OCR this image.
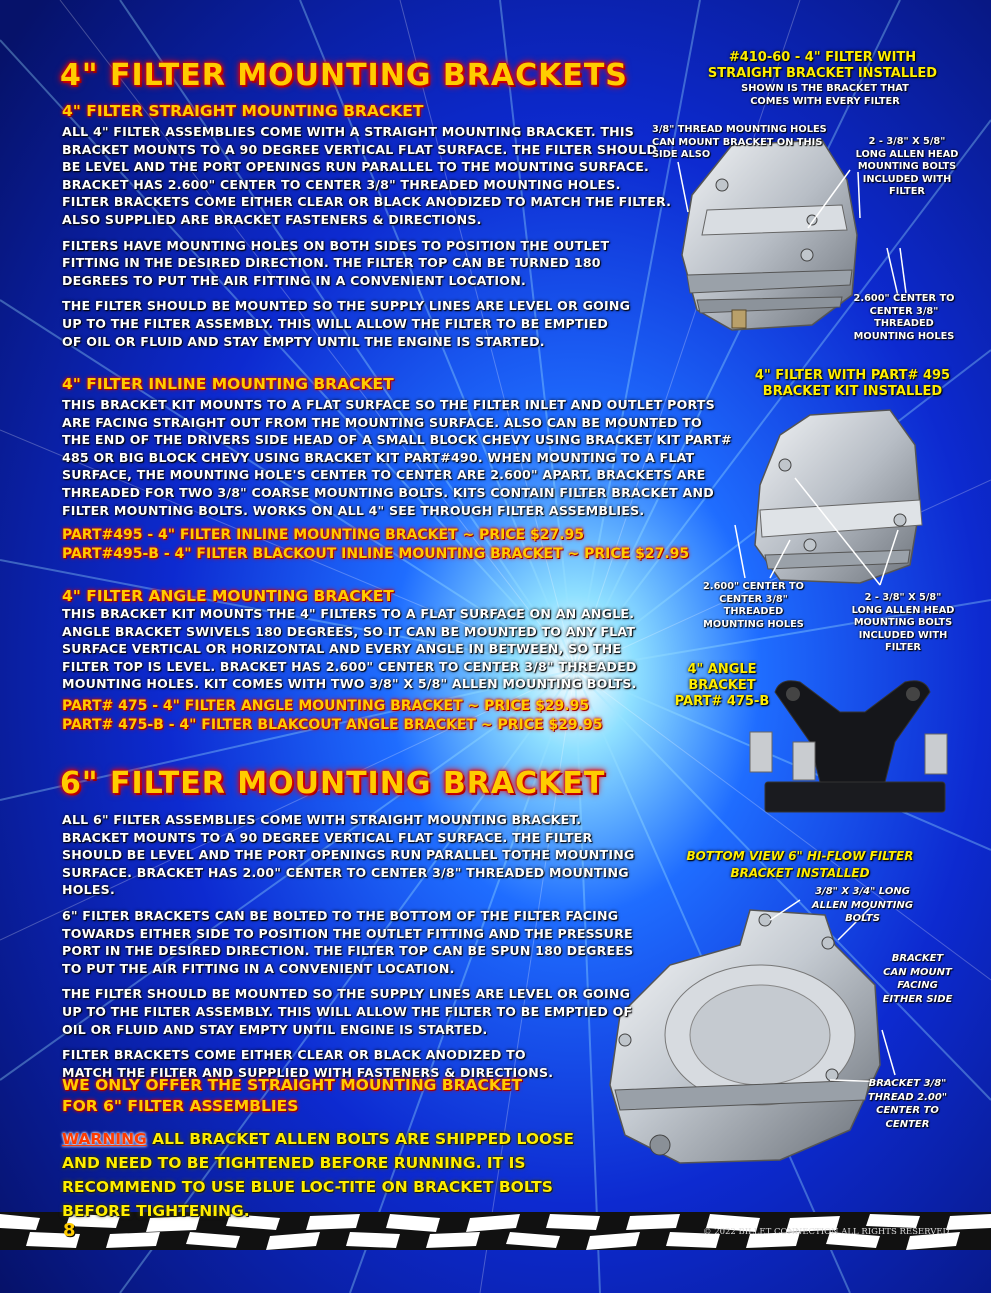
4" FILTER MOUNTING BRACKETS
4" FILTER STRAIGHT MOUNTING BRACKET

ALL 4" FILTER ASSEMBLIES COME WITH A STRAIGHT MOUNTING BRACKET. THIS BRACKET MOUNTS TO A 90 DEGREE VERTICAL FLAT SURFACE. THE FILTER SHOULD BE LEVEL AND THE PORT OPENINGS RUN PARALLEL TO THE MOUNTING SURFACE. BRACKET HAS 2.600" CENTER TO CENTER 3/8" THREADED MOUNTING HOLES. FILTER BRACKETS COME EITHER CLEAR OR BLACK ANODIZED TO MATCH THE FILTER. ALSO SUPPLIED ARE BRACKET FASTENERS & DIRECTIONS.

FILTERS HAVE MOUNTING HOLES ON BOTH SIDES TO POSITION THE OUTLET FITTING IN THE DESIRED DIRECTION. THE FILTER TOP CAN BE TURNED 180 DEGREES TO PUT THE AIR FITTING IN A CONVENIENT LOCATION.

THE FILTER SHOULD BE MOUNTED SO THE SUPPLY LINES ARE LEVEL OR GOING UP TO THE FILTER ASSEMBLY. THIS WILL ALLOW THE FILTER TO BE EMPTIED OF OIL OR FLUID AND STAY EMPTY UNTIL THE ENGINE IS STARTED.

4" FILTER INLINE MOUNTING BRACKET

THIS BRACKET KIT MOUNTS TO A FLAT SURFACE SO THE FILTER INLET AND OUTLET PORTS ARE FACING STRAIGHT OUT FROM THE MOUNTING SURFACE. ALSO CAN BE MOUNTED TO THE END OF THE DRIVERS SIDE HEAD OF A SMALL BLOCK CHEVY USING BRACKET KIT PART# 485 OR BIG BLOCK CHEVY USING BRACKET KIT PART#490. WHEN MOUNTING TO A FLAT SURFACE, THE MOUNTING HOLE'S CENTER TO CENTER ARE 2.600" APART. BRACKETS ARE THREADED FOR TWO 3/8" COARSE MOUNTING BOLTS. KITS CONTAIN FILTER BRACKET AND FILTER MOUNTING BOLTS. WORKS ON ALL 4" SEE THROUGH FILTER ASSEMBLIES.

PART#495 - 4" FILTER INLINE MOUNTING BRACKET ~ PRICE $27.95
PART#495-B - 4" FILTER BLACKOUT INLINE MOUNTING BRACKET ~ PRICE $27.95
4" FILTER ANGLE MOUNTING BRACKET

THIS BRACKET KIT MOUNTS THE 4" FILTERS TO A FLAT SURFACE ON AN ANGLE. ANGLE BRACKET SWIVELS 180 DEGREES, SO IT CAN BE MOUNTED TO ANY FLAT SURFACE VERTICAL OR HORIZONTAL AND EVERY ANGLE IN BETWEEN, SO THE FILTER TOP IS LEVEL. BRACKET HAS 2.600" CENTER TO CENTER 3/8" THREADED MOUNTING HOLES. KIT COMES WITH TWO 3/8" X 5/8" ALLEN MOUNTING BOLTS.

PART# 475 - 4" FILTER ANGLE MOUNTING BRACKET ~ PRICE $29.95
PART# 475-B - 4" FILTER BLAKCOUT ANGLE BRACKET ~ PRICE $29.95
6" FILTER MOUNTING BRACKET

ALL 6" FILTER ASSEMBLIES COME WITH STRAIGHT MOUNTING BRACKET. BRACKET MOUNTS TO A 90 DEGREE VERTICAL FLAT SURFACE. THE FILTER SHOULD BE LEVEL AND THE PORT OPENINGS RUN PARALLEL TOTHE MOUNTING SURFACE. BRACKET HAS 2.00" CENTER TO CENTER 3/8" THREADED MOUNTING HOLES.

6" FILTER BRACKETS CAN BE BOLTED TO THE BOTTOM OF THE FILTER FACING TOWARDS EITHER SIDE TO POSITION THE OUTLET FITTING AND THE PRESSURE PORT IN THE DESIRED DIRECTION. THE FILTER TOP CAN BE SPUN 180 DEGREES TO PUT THE AIR FITTING IN A CONVENIENT LOCATION.

THE FILTER SHOULD BE MOUNTED SO THE SUPPLY LINES ARE LEVEL OR GOING UP TO THE FILTER ASSEMBLY. THIS WILL ALLOW THE FILTER TO BE EMPTIED OF OIL OR FLUID AND STAY EMPTY UNTIL ENGINE IS STARTED.

FILTER BRACKETS COME EITHER CLEAR OR BLACK ANODIZED TO MATCH THE FILTER AND SUPPLIED WITH FASTENERS & DIRECTIONS.

WE ONLY OFFER THE STRAIGHT MOUNTING BRACKET FOR 6" FILTER ASSEMBLIES
WARNING ALL BRACKET ALLEN BOLTS ARE SHIPPED LOOSE AND NEED TO BE TIGHTENED BEFORE RUNNING. IT IS RECOMMEND TO USE BLUE LOC-TITE ON BRACKET BOLTS BEFORE TIGHTENING.
#410-60 - 4" FILTER WITH
STRAIGHT BRACKET INSTALLED
SHOWN IS THE BRACKET THAT COMES WITH EVERY FILTER
3/8" THREAD MOUNTING HOLES CAN MOUNT BRACKET ON THIS SIDE ALSO
2 - 3/8" X 5/8" LONG ALLEN HEAD MOUNTING BOLTS INCLUDED WITH FILTER
2.600" CENTER TO CENTER 3/8" THREADED MOUNTING HOLES
4" FILTER WITH PART# 495 BRACKET KIT INSTALLED
2.600" CENTER TO CENTER 3/8" THREADED MOUNTING HOLES
2 - 3/8" X 5/8" LONG ALLEN HEAD MOUNTING BOLTS INCLUDED WITH FILTER
4" ANGLE BRACKET PART# 475-B
BOTTOM VIEW 6" HI-FLOW FILTER BRACKET INSTALLED
3/8" X 3/4" LONG ALLEN MOUNTING BOLTS
BRACKET CAN MOUNT FACING EITHER SIDE
BRACKET 3/8" THREAD 2.00" CENTER TO CENTER
8	© 2022 BILLET CONNECTION ALL RIGHTS RESERVED
